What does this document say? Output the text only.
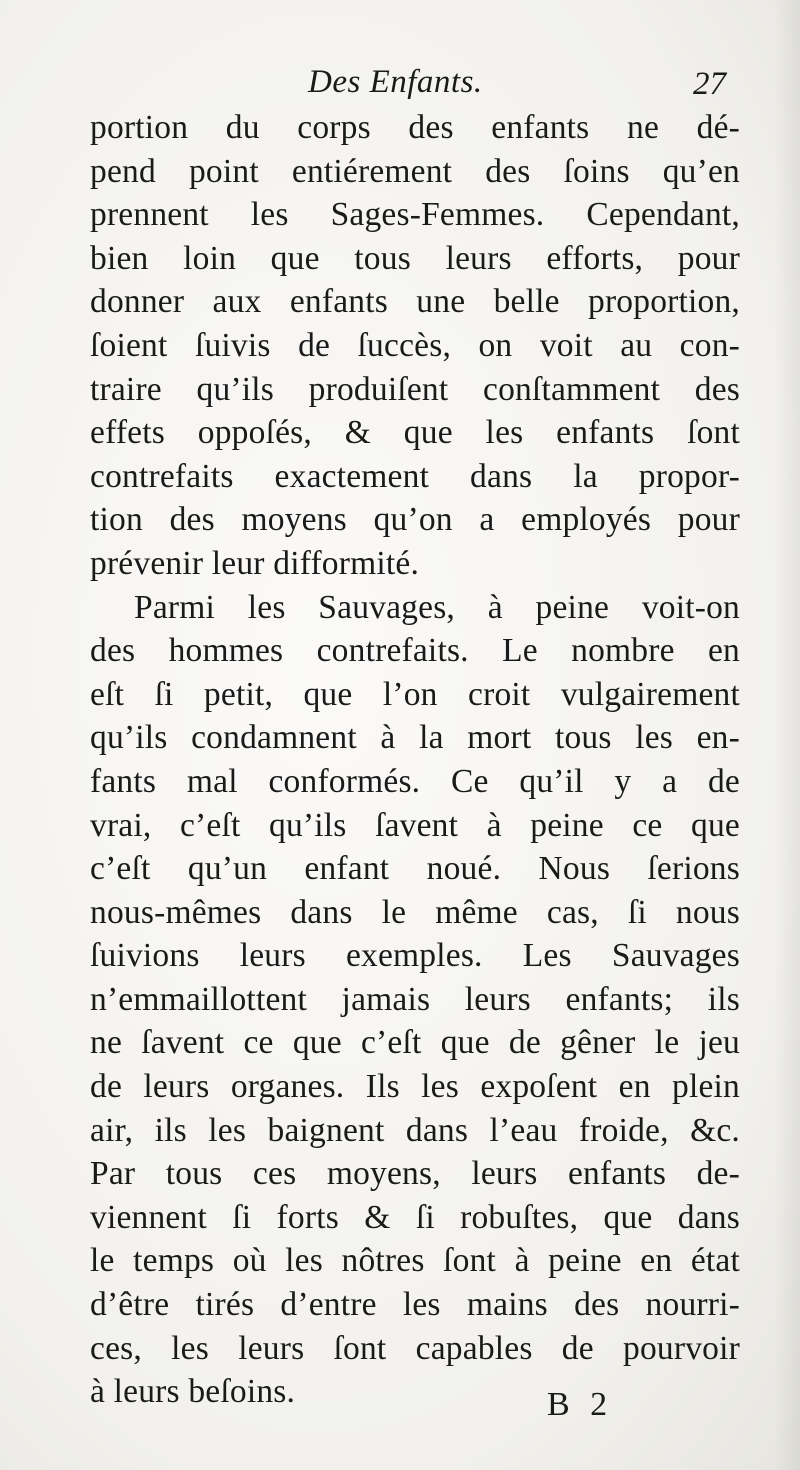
Des Enfants.	27
portion du corps des enfants ne dé-
pend point entiérement des ſoins qu’en
prennent les Sages-Femmes. Cependant,
bien loin que tous leurs efforts, pour
donner aux enfants une belle proportion,
ſoient ſuivis de ſuccès, on voit au con-
traire qu’ils produiſent conſtamment des
effets oppoſés, & que les enfants ſont
contrefaits exactement dans la propor-
tion des moyens qu’on a employés pour
prévenir leur difformité.
Parmi les Sauvages, à peine voit-on
des hommes contrefaits. Le nombre en
eſt ſi petit, que l’on croit vulgairement
qu’ils condamnent à la mort tous les en-
fants mal conformés. Ce qu’il y a de
vrai, c’eſt qu’ils ſavent à peine ce que
c’eſt qu’un enfant noué. Nous ſerions
nous-mêmes dans le même cas, ſi nous
ſuivions leurs exemples. Les Sauvages
n’emmaillottent jamais leurs enfants; ils
ne ſavent ce que c’eſt que de gêner le jeu
de leurs organes. Ils les expoſent en plein
air, ils les baignent dans l’eau froide, &c.
Par tous ces moyens, leurs enfants de-
viennent ſi forts & ſi robuſtes, que dans
le temps où les nôtres ſont à peine en état
d’être tirés d’entre les mains des nourri-
ces, les leurs ſont capables de pourvoir
à leurs beſoins.	B 2
